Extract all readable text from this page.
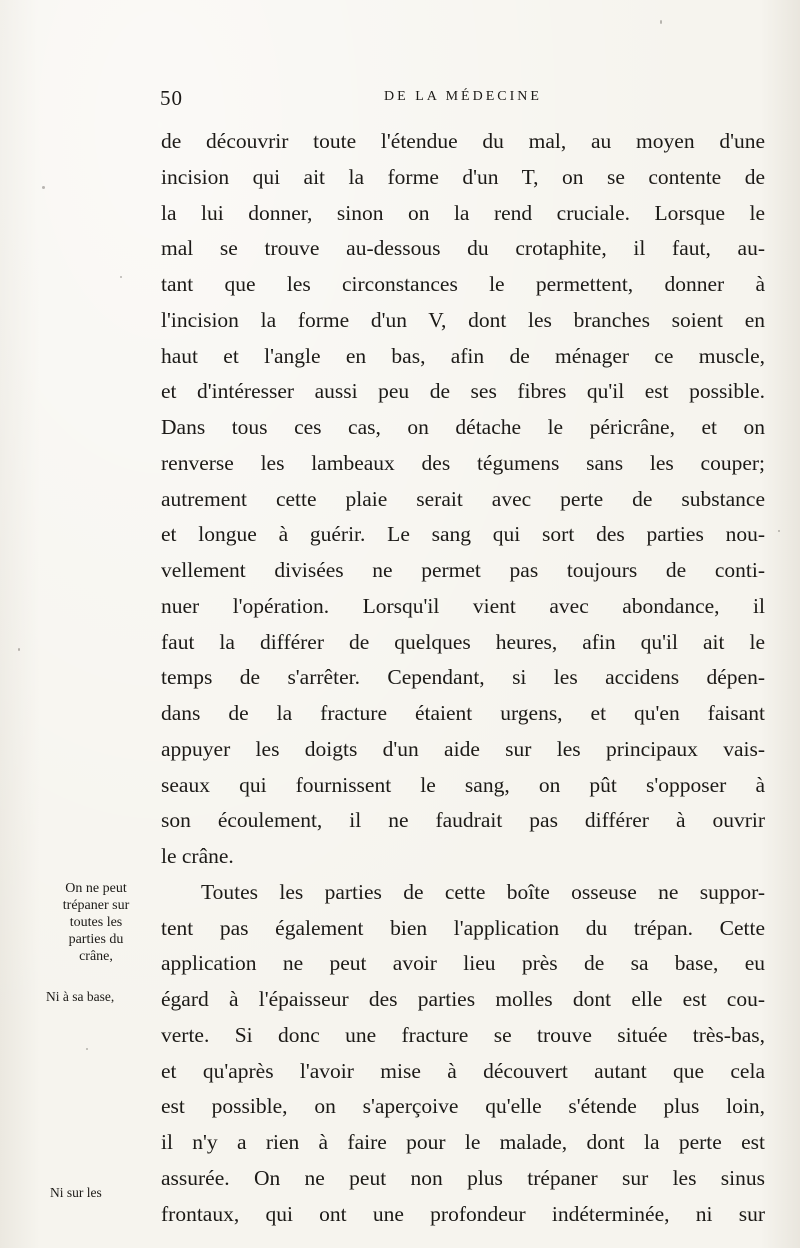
50	DE LA MÉDECINE
de découvrir toute l'étendue du mal, au moyen d'une
incision qui ait la forme d'un T, on se contente de
la lui donner, sinon on la rend cruciale. Lorsque le
mal se trouve au-dessous du crotaphite, il faut, au-
tant que les circonstances le permettent, donner à
l'incision la forme d'un V, dont les branches soient en
haut et l'angle en bas, afin de ménager ce muscle,
et d'intéresser aussi peu de ses fibres qu'il est possible.
Dans tous ces cas, on détache le péricrâne, et on
renverse les lambeaux des tégumens sans les couper;
autrement cette plaie serait avec perte de substance
et longue à guérir. Le sang qui sort des parties nou-
vellement divisées ne permet pas toujours de conti-
nuer l'opération. Lorsqu'il vient avec abondance, il
faut la différer de quelques heures, afin qu'il ait le
temps de s'arrêter. Cependant, si les accidens dépen-
dans de la fracture étaient urgens, et qu'en faisant
appuyer les doigts d'un aide sur les principaux vais-
seaux qui fournissent le sang, on pût s'opposer à
son écoulement, il ne faudrait pas différer à ouvrir
le crâne.
Toutes les parties de cette boîte osseuse ne suppor-
tent pas également bien l'application du trépan. Cette
application ne peut avoir lieu près de sa base, eu
égard à l'épaisseur des parties molles dont elle est cou-
verte. Si donc une fracture se trouve située très-bas,
et qu'après l'avoir mise à découvert autant que cela
est possible, on s'aperçoive qu'elle s'étende plus loin,
il n'y a rien à faire pour le malade, dont la perte est
assurée. On ne peut non plus trépaner sur les sinus
frontaux, qui ont une profondeur indéterminée, ni sur
On ne peut
trépaner sur
toutes les
parties du
crâne,
Ni à sa base,
Ni sur les
